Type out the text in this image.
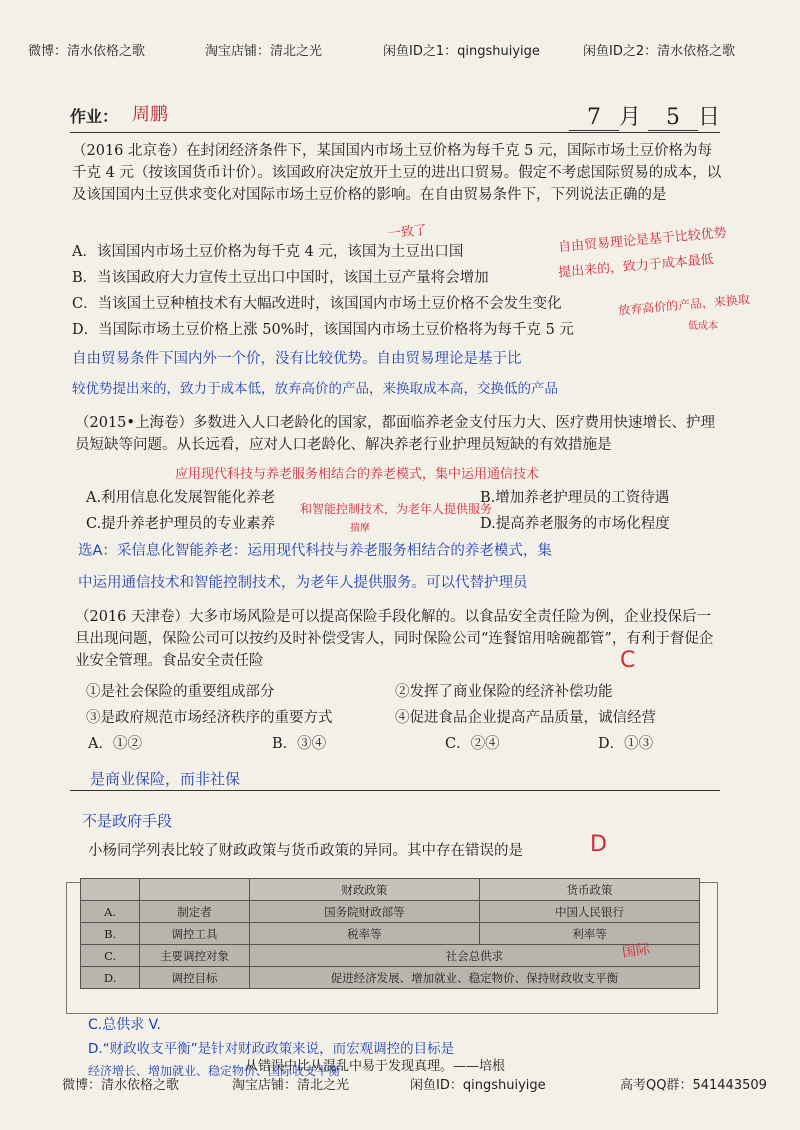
微博：清水依格之歌	淘宝店铺：清北之光	闲鱼ID之1：qingshuiyige	闲鱼ID之2：清水依格之歌
作业： 周鹏	7 月 5 日
（2016 北京卷）在封闭经济条件下，某国国内市场土豆价格为每千克 5 元，国际市场土豆价格为每千克 4 元（按该国货币计价）。该国政府决定放开土豆的进出口贸易。假定不考虑国际贸易的成本，以及该国国内土豆供求变化对国际市场土豆价格的影响。在自由贸易条件下，下列说法正确的是
A．该国国内市场土豆价格为每千克 4 元，该国为土豆出口国
B．当该国政府大力宣传土豆出口中国时，该国土豆产量将会增加
C．当该国土豆种植技术有大幅改进时，该国国内市场土豆价格不会发生变化
D．当国际市场土豆价格上涨 50%时，该国国内市场土豆价格将为每千克 5 元
一致了	自由贸易理论是基于比较优势
提出来的，致力于成本最低
放弃高价的产品，来换取
低成本
自由贸易条件下国内外一个价，没有比较优势。自由贸易理论是基于比
较优势提出来的，致力于成本低，放弃高价的产品，来换取成本高，交换低的产品
（2015•上海卷）多数进入人口老龄化的国家，都面临养老金支付压力大、医疗费用快速增长、护理员短缺等问题。从长远看，应对人口老龄化、解决养老行业护理员短缺的有效措施是
应用现代科技与养老服务相结合的养老模式，集中运用通信技术
A.利用信息化发展智能化养老	B.增加养老护理员的工资待遇
和智能控制技术，为老年人提供服务
C.提升养老护理员的专业素养	D.提高养老服务的市场化程度
揣摩
选A：采信息化智能养老：运用现代科技与养老服务相结合的养老模式，集
中运用通信技术和智能控制技术，为老年人提供服务。可以代替护理员
（2016 天津卷）大多市场风险是可以提高保险手段化解的。以食品安全责任险为例，企业投保后一旦出现问题，保险公司可以按约及时补偿受害人，同时保险公司“连餐馆用啥碗都管”，有利于督促企业安全管理。食品安全责任险	C
①是社会保险的重要组成部分	②发挥了商业保险的经济补偿功能
③是政府规范市场经济秩序的重要方式	④促进食品企业提高产品质量，诚信经营
A．①②	B．③④	C．②④	D．①③
是商业保险，而非社保
不是政府手段
小杨同学列表比较了财政政策与货币政策的异同。其中存在错误的是	D
		财政政策	货币政策
A.	制定者	国务院财政部等	中国人民银行
B.	调控工具	税率等	利率等
C.	主要调控对象	社会总供求	
D.	调控目标	促进经济发展、增加就业、稳定物价、保持财政收支平衡	
国际
C.总供求 V.
D.“财政收支平衡”是针对财政政策来说，而宏观调控的目标是
经济增长、增加就业、稳定物价、国际收支平衡
从错误中比从混乱中易于发现真理。——培根
微博：清水依格之歌	淘宝店铺：清北之光	闲鱼ID：qingshuiyige	高考QQ群：541443509
